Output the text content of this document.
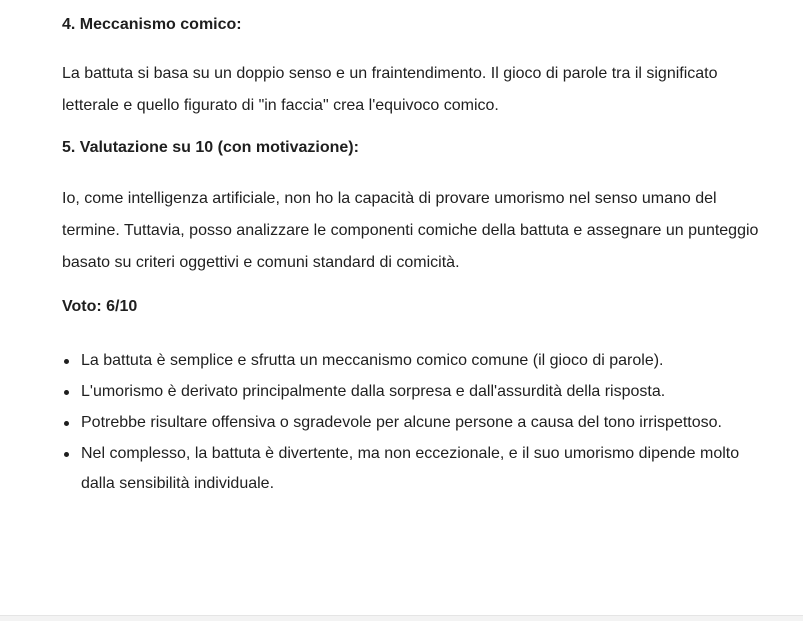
4. Meccanismo comico:

La battuta si basa su un doppio senso e un fraintendimento. Il gioco di parole tra il significato letterale e quello figurato di "in faccia" crea l'equivoco comico.

5. Valutazione su 10 (con motivazione):

Io, come intelligenza artificiale, non ho la capacità di provare umorismo nel senso umano del termine. Tuttavia, posso analizzare le componenti comiche della battuta e assegnare un punteggio basato su criteri oggettivi e comuni standard di comicità.

Voto: 6/10

La battuta è semplice e sfrutta un meccanismo comico comune (il gioco di parole).
L'umorismo è derivato principalmente dalla sorpresa e dall'assurdità della risposta.
Potrebbe risultare offensiva o sgradevole per alcune persone a causa del tono irrispettoso.
Nel complesso, la battuta è divertente, ma non eccezionale, e il suo umorismo dipende molto dalla sensibilità individuale.
